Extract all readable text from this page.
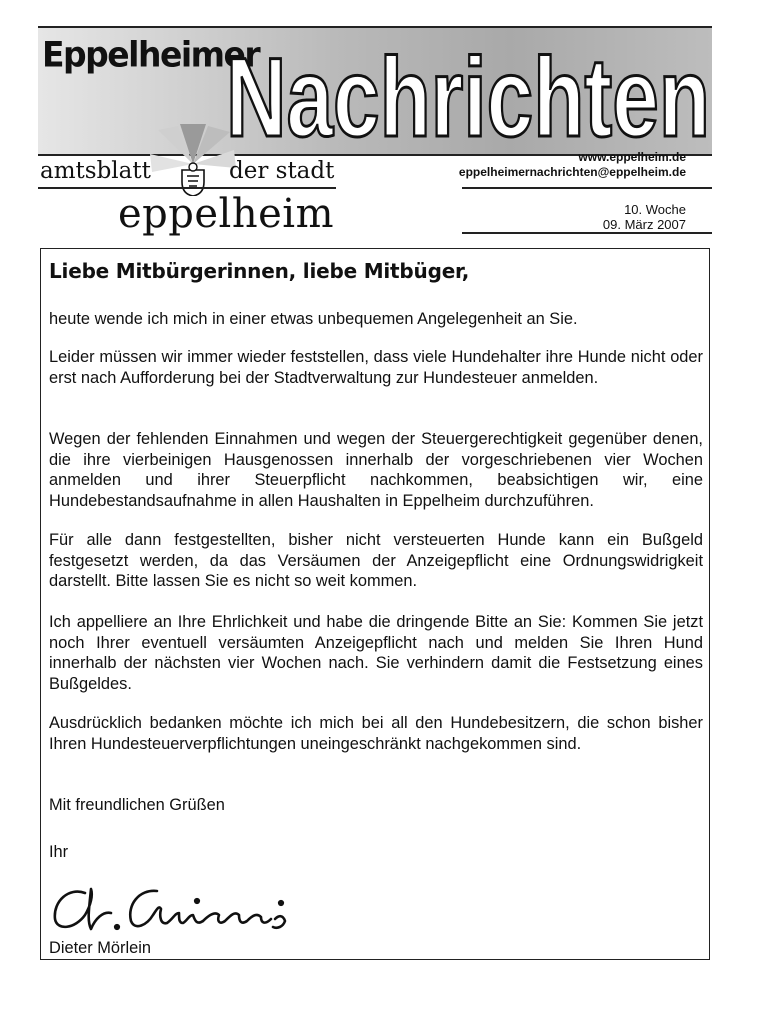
Eppelheimer
Nachrichten
amtsblatt	der stadt
eppelheim
www.eppelheim.de
eppelheimernachrichten@eppelheim.de
10. Woche
09. März 2007
Liebe Mitbürgerinnen, liebe Mitbüger,

heute wende ich mich in einer etwas unbequemen Angelegenheit an Sie.

Leider müssen wir immer wieder feststellen, dass viele Hundehalter ihre Hunde nicht oder erst nach Aufforderung bei der Stadtverwaltung zur Hundesteuer anmelden.

Wegen der fehlenden Einnahmen und wegen der Steuergerechtigkeit gegenüber denen, die ihre vierbeinigen Hausgenossen innerhalb der vorgeschriebenen vier Wochen anmelden und ihrer Steuerpflicht nachkommen, beabsichtigen wir, eine Hundebestandsaufnahme in allen Haushalten in Eppelheim durchzuführen.

Für alle dann festgestellten, bisher nicht versteuerten Hunde kann ein Bußgeld festgesetzt werden, da das Versäumen der Anzeigepflicht eine Ordnungswidrigkeit darstellt. Bitte lassen Sie es nicht so weit kommen.

Ich appelliere an Ihre Ehrlichkeit und habe die dringende Bitte an Sie: Kommen Sie jetzt noch Ihrer eventuell versäumten Anzeigepflicht nach und melden Sie Ihren Hund innerhalb der nächsten vier Wochen nach. Sie verhindern damit die Festsetzung eines Bußgeldes.

Ausdrücklich bedanken möchte ich mich bei all den Hundebesitzern, die schon bisher Ihren Hundesteuerverpflichtungen uneingeschränkt nachgekommen sind.

Mit freundlichen Grüßen

Ihr

Dieter Mörlein
